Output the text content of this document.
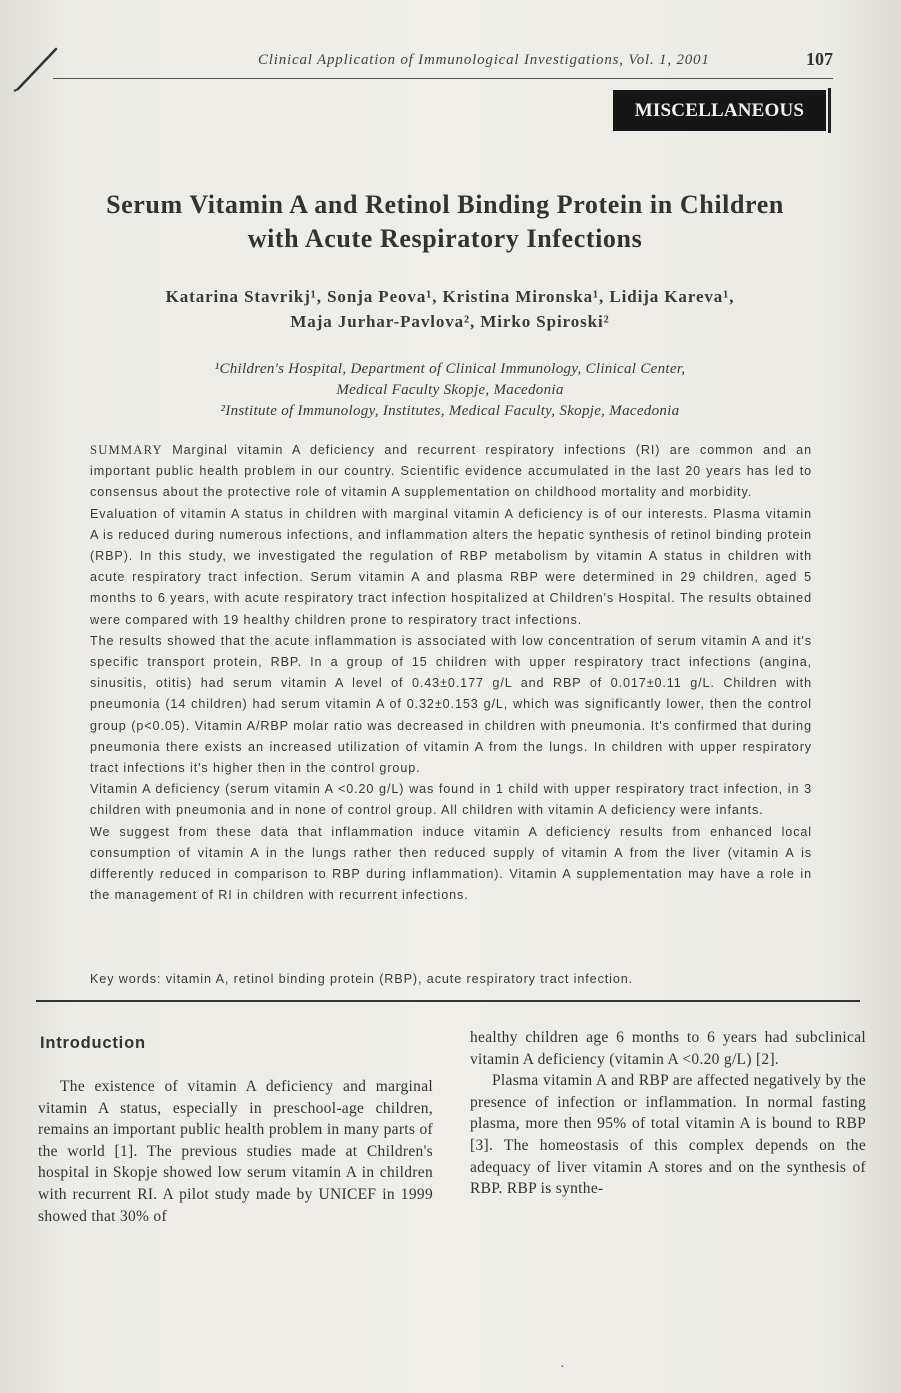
Clinical Application of Immunological Investigations, Vol. 1, 2001	107
MISCELLANEOUS
Serum Vitamin A and Retinol Binding Protein in Children
with Acute Respiratory Infections
Katarina Stavrikj¹, Sonja Peova¹, Kristina Mironska¹, Lidija Kareva¹,
Maja Jurhar-Pavlova², Mirko Spiroski²
¹Children's Hospital, Department of Clinical Immunology, Clinical Center,
Medical Faculty Skopje, Macedonia
²Institute of Immunology, Institutes, Medical Faculty, Skopje, Macedonia

SUMMARY Marginal vitamin A deficiency and recurrent respiratory infections (RI) are common and an important public health problem in our country. Scientific evidence accumulated in the last 20 years has led to consensus about the protective role of vitamin A supplementation on childhood mortality and morbidity.

Evaluation of vitamin A status in children with marginal vitamin A deficiency is of our interests. Plasma vitamin A is reduced during numerous infections, and inflammation alters the hepatic synthesis of retinol binding protein (RBP). In this study, we investigated the regulation of RBP metabolism by vitamin A status in children with acute respiratory tract infection. Serum vitamin A and plasma RBP were determined in 29 children, aged 5 months to 6 years, with acute respiratory tract infection hospitalized at Children's Hospital. The results obtained were compared with 19 healthy children prone to respiratory tract infections.

The results showed that the acute inflammation is associated with low concentration of serum vitamin A and it's specific transport protein, RBP. In a group of 15 children with upper respiratory tract infections (angina, sinusitis, otitis) had serum vitamin A level of 0.43±0.177 g/L and RBP of 0.017±0.11 g/L. Children with pneumonia (14 children) had serum vitamin A of 0.32±0.153 g/L, which was significantly lower, then the control group (p<0.05). Vitamin A/RBP molar ratio was decreased in children with pneumonia. It's confirmed that during pneumonia there exists an increased utilization of vitamin A from the lungs. In children with upper respiratory tract infections it's higher then in the control group.

Vitamin A deficiency (serum vitamin A <0.20 g/L) was found in 1 child with upper respiratory tract infection, in 3 children with pneumonia and in none of control group. All children with vitamin A deficiency were infants.

We suggest from these data that inflammation induce vitamin A deficiency results from enhanced local consumption of vitamin A in the lungs rather then reduced supply of vitamin A from the liver (vitamin A is differently reduced in comparison to RBP during inflammation). Vitamin A supplementation may have a role in the management of RI in children with recurrent infections.

Key words: vitamin A, retinol binding protein (RBP), acute respiratory tract infection.
Introduction

The existence of vitamin A deficiency and marginal vitamin A status, especially in preschool-age children, remains an important public health problem in many parts of the world [1]. The previous studies made at Children's hospital in Skopje showed low serum vitamin A in children with recurrent RI. A pilot study made by UNICEF in 1999 showed that 30% of

healthy children age 6 months to 6 years had subclinical vitamin A deficiency (vitamin A <0.20 g/L) [2].

Plasma vitamin A and RBP are affected negatively by the presence of infection or inflammation. In normal fasting plasma, more then 95% of total vitamin A is bound to RBP [3]. The homeostasis of this complex depends on the adequacy of liver vitamin A stores and on the synthesis of RBP. RBP is synthe-

·
